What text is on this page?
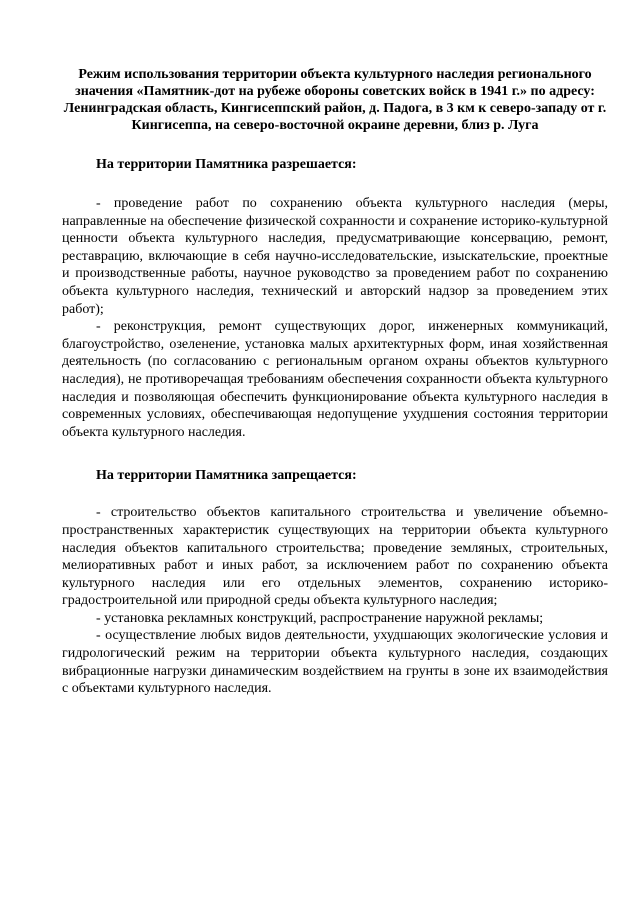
Режим использования территории объекта культурного наследия регионального значения «Памятник-дот на рубеже обороны советских войск в 1941 г.» по адресу: Ленинградская область, Кингисеппский район, д. Падога, в 3 км к северо-западу от г. Кингисеппа, на северо-восточной окраине деревни, близ р. Луга

На территории Памятника разрешается:

- проведение работ по сохранению объекта культурного наследия (меры, направленные на обеспечение физической сохранности и сохранение историко-культурной ценности объекта культурного наследия, предусматривающие консервацию, ремонт, реставрацию, включающие в себя научно-исследовательские, изыскательские, проектные и производственные работы, научное руководство за проведением работ по сохранению объекта культурного наследия, технический и авторский надзор за проведением этих работ);

- реконструкция, ремонт существующих дорог, инженерных коммуникаций, благоустройство, озеленение, установка малых архитектурных форм, иная хозяйственная деятельность (по согласованию с региональным органом охраны объектов культурного наследия), не противоречащая требованиям обеспечения сохранности объекта культурного наследия и позволяющая обеспечить функционирование объекта культурного наследия в современных условиях, обеспечивающая недопущение ухудшения состояния территории объекта культурного наследия.

На территории Памятника запрещается:

- строительство объектов капитального строительства и увеличение объемно-пространственных характеристик существующих на территории объекта культурного наследия объектов капитального строительства; проведение земляных, строительных, мелиоративных работ и иных работ, за исключением работ по сохранению объекта культурного наследия или его отдельных элементов, сохранению историко-градостроительной или природной среды объекта культурного наследия;

- установка рекламных конструкций, распространение наружной рекламы;

- осуществление любых видов деятельности, ухудшающих экологические условия и гидрологический режим на территории объекта культурного наследия, создающих вибрационные нагрузки динамическим воздействием на грунты в зоне их взаимодействия с объектами культурного наследия.
